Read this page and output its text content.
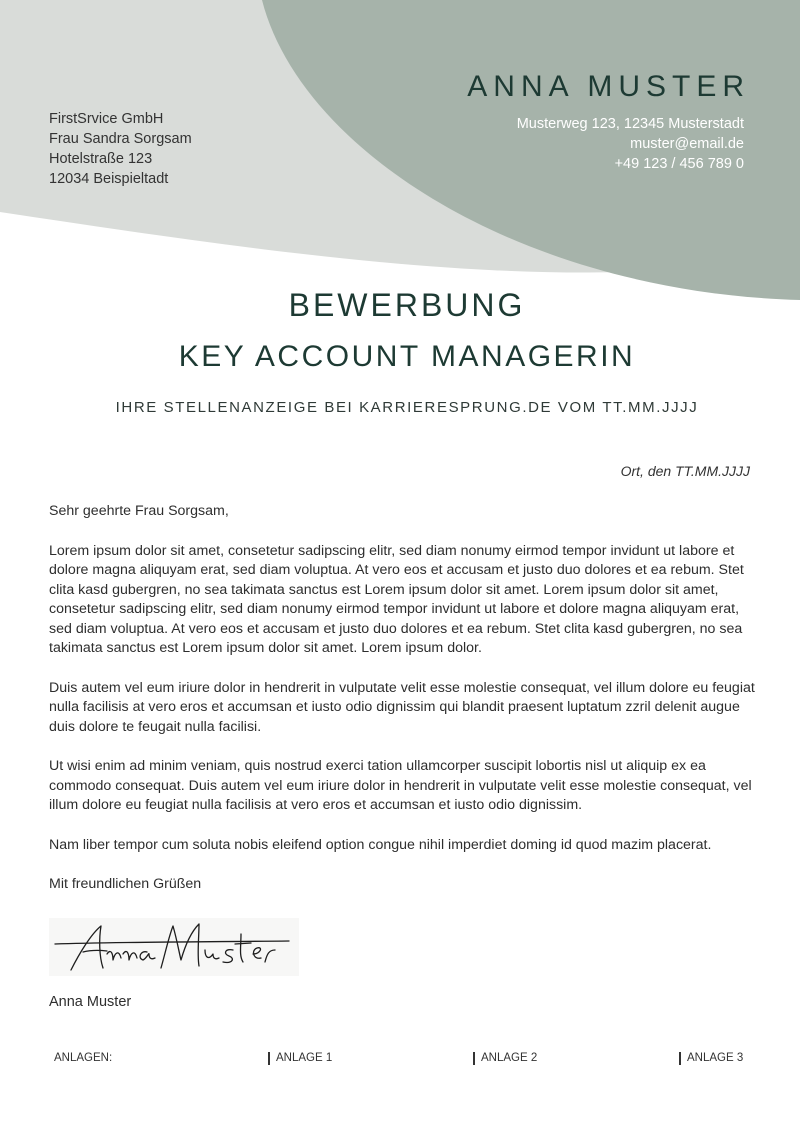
FirstSrvice GmbH
Frau Sandra Sorgsam
Hotelstraße 123
12034 Beispieltadt
ANNA MUSTER
Musterweg 123, 12345 Musterstadt
muster@email.de
+49 123 / 456 789 0
BEWERBUNG
KEY ACCOUNT MANAGERIN
IHRE STELLENANZEIGE BEI KARRIERESPRUNG.DE VOM TT.MM.JJJJ
Ort, den TT.MM.JJJJ

Sehr geehrte Frau Sorgsam,

Lorem ipsum dolor sit amet, consetetur sadipscing elitr, sed diam nonumy eirmod tempor invidunt ut labore et dolore magna aliquyam erat, sed diam voluptua. At vero eos et accusam et justo duo dolores et ea rebum. Stet clita kasd gubergren, no sea takimata sanctus est Lorem ipsum dolor sit amet. Lorem ipsum dolor sit amet, consetetur sadipscing elitr, sed diam nonumy eirmod tempor invidunt ut labore et dolore magna aliquyam erat, sed diam voluptua. At vero eos et accusam et justo duo dolores et ea rebum. Stet clita kasd gubergren, no sea takimata sanctus est Lorem ipsum dolor sit amet. Lorem ipsum dolor.

Duis autem vel eum iriure dolor in hendrerit in vulputate velit esse molestie consequat, vel illum dolore eu feugiat nulla facilisis at vero eros et accumsan et iusto odio dignissim qui blandit praesent luptatum zzril delenit augue duis dolore te feugait nulla facilisi.

Ut wisi enim ad minim veniam, quis nostrud exerci tation ullamcorper suscipit lobortis nisl ut aliquip ex ea commodo consequat. Duis autem vel eum iriure dolor in hendrerit in vulputate velit esse molestie consequat, vel illum dolore eu feugiat nulla facilisis at vero eros et accumsan et iusto odio dignissim.

Nam liber tempor cum soluta nobis eleifend option congue nihil imperdiet doming id quod mazim placerat.

Mit freundlichen Grüßen

Anna Muster
ANLAGEN:	ANLAGE 1	ANLAGE 2	ANLAGE 3
